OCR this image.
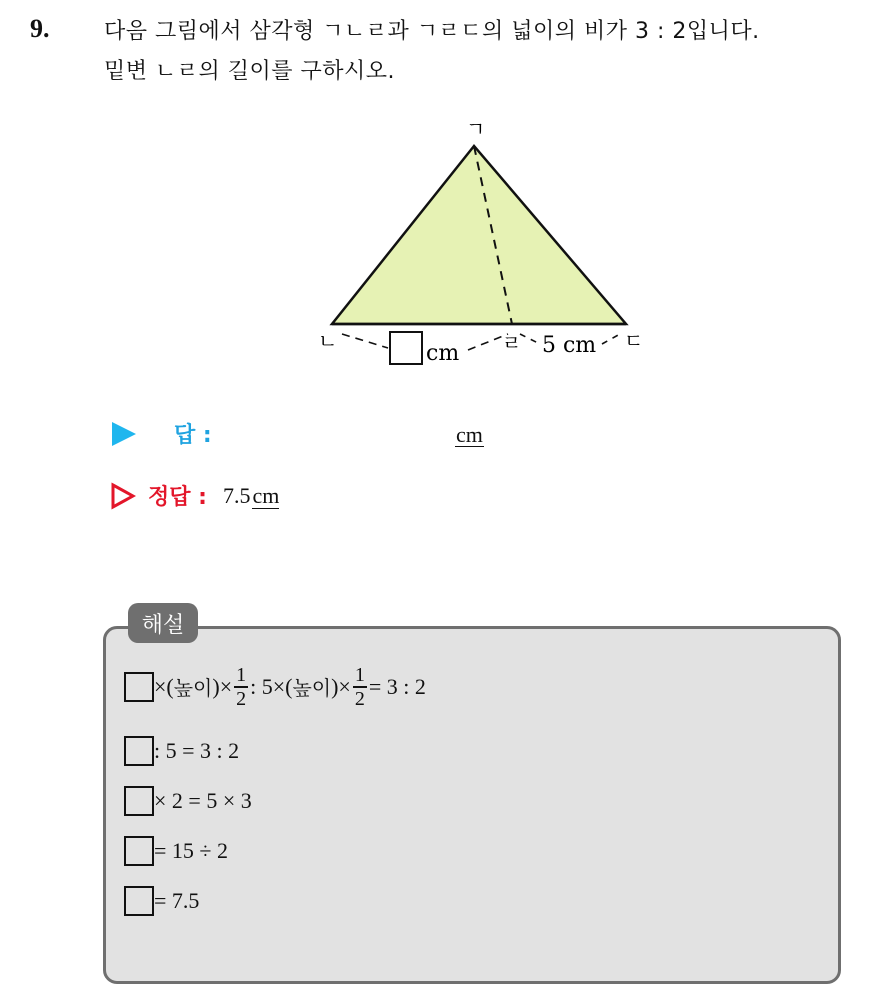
9. 다음 그림에서 삼각형 ㄱㄴㄹ과 ㄱㄹㄷ의 넓이의 비가 3 : 2입니다.
밑변 ㄴㄹ의 길이를 구하시오.
ㄱ
ㄴ	ㄹ	ㄷ
cm	5 cm
답 :	cm
정답 : 7.5cm
해설
×( 높이 )× $\frac{1}{2}$ : 5×( 높이 )× $\frac{1}{2} = 3$ : 2
: 5 = 3 : 2
× 2 = 5 × 3
= 15 ÷ 2
= 7.5
